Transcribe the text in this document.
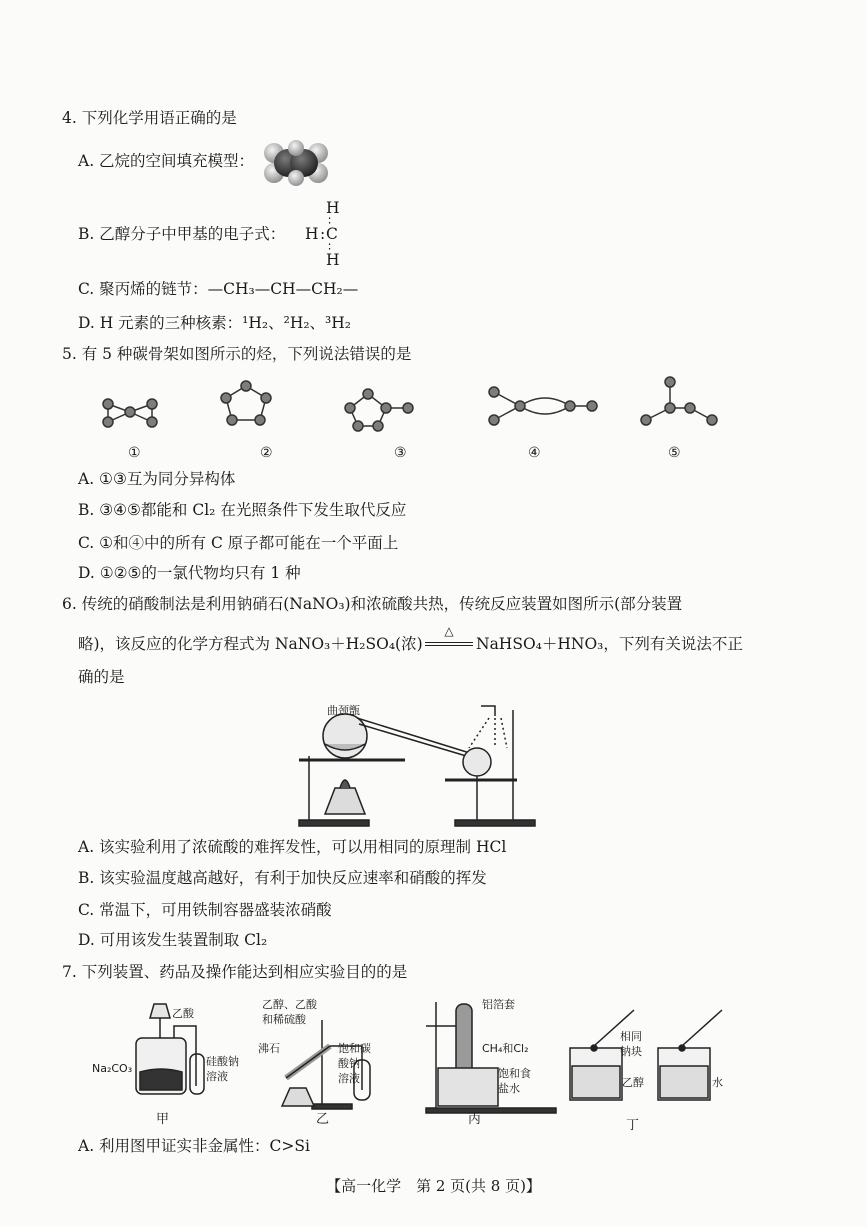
4. 下列化学用语正确的是
A. 乙烷的空间填充模型：
B. 乙醇分子中甲基的电子式： H :
H
∶
C
∶
H
C. 聚丙烯的链节：—CH₃—CH—CH₂—
D. H 元素的三种核素：¹H₂、²H₂、³H₂
5. 有 5 种碳骨架如图所示的烃，下列说法错误的是
①	②	③	④	⑤
A. ①③互为同分异构体
B. ③④⑤都能和 Cl₂ 在光照条件下发生取代反应
C. ①和④中的所有 C 原子都可能在一个平面上
D. ①②⑤的一氯代物均只有 1 种
6. 传统的硝酸制法是利用钠硝石(NaNO₃)和浓硫酸共热，传统反应装置如图所示(部分装置
略)，该反应的化学方程式为 NaNO₃＋H₂SO₄(浓)
△
NaHSO₄＋HNO₃，下列有关说法不正
确的是
曲颈甑
A. 该实验利用了浓硫酸的难挥发性，可以用相同的原理制 HCl
B. 该实验温度越高越好，有利于加快反应速率和硝酸的挥发
C. 常温下，可用铁制容器盛装浓硝酸
D. 可用该发生装置制取 Cl₂
7. 下列装置、药品及操作能达到相应实验目的的是
乙酸
Na₂CO₃
硅酸钠
溶液
甲
乙醇、乙酸
和稀硫酸
沸石	饱和碳
酸钠
溶液
乙
铝箔套
CH₄和Cl₂
饱和食
盐水
丙
相同
钠块
乙醇	水
丁
A. 利用图甲证实非金属性：C>Si
【高一化学　第 2 页(共 8 页)】
